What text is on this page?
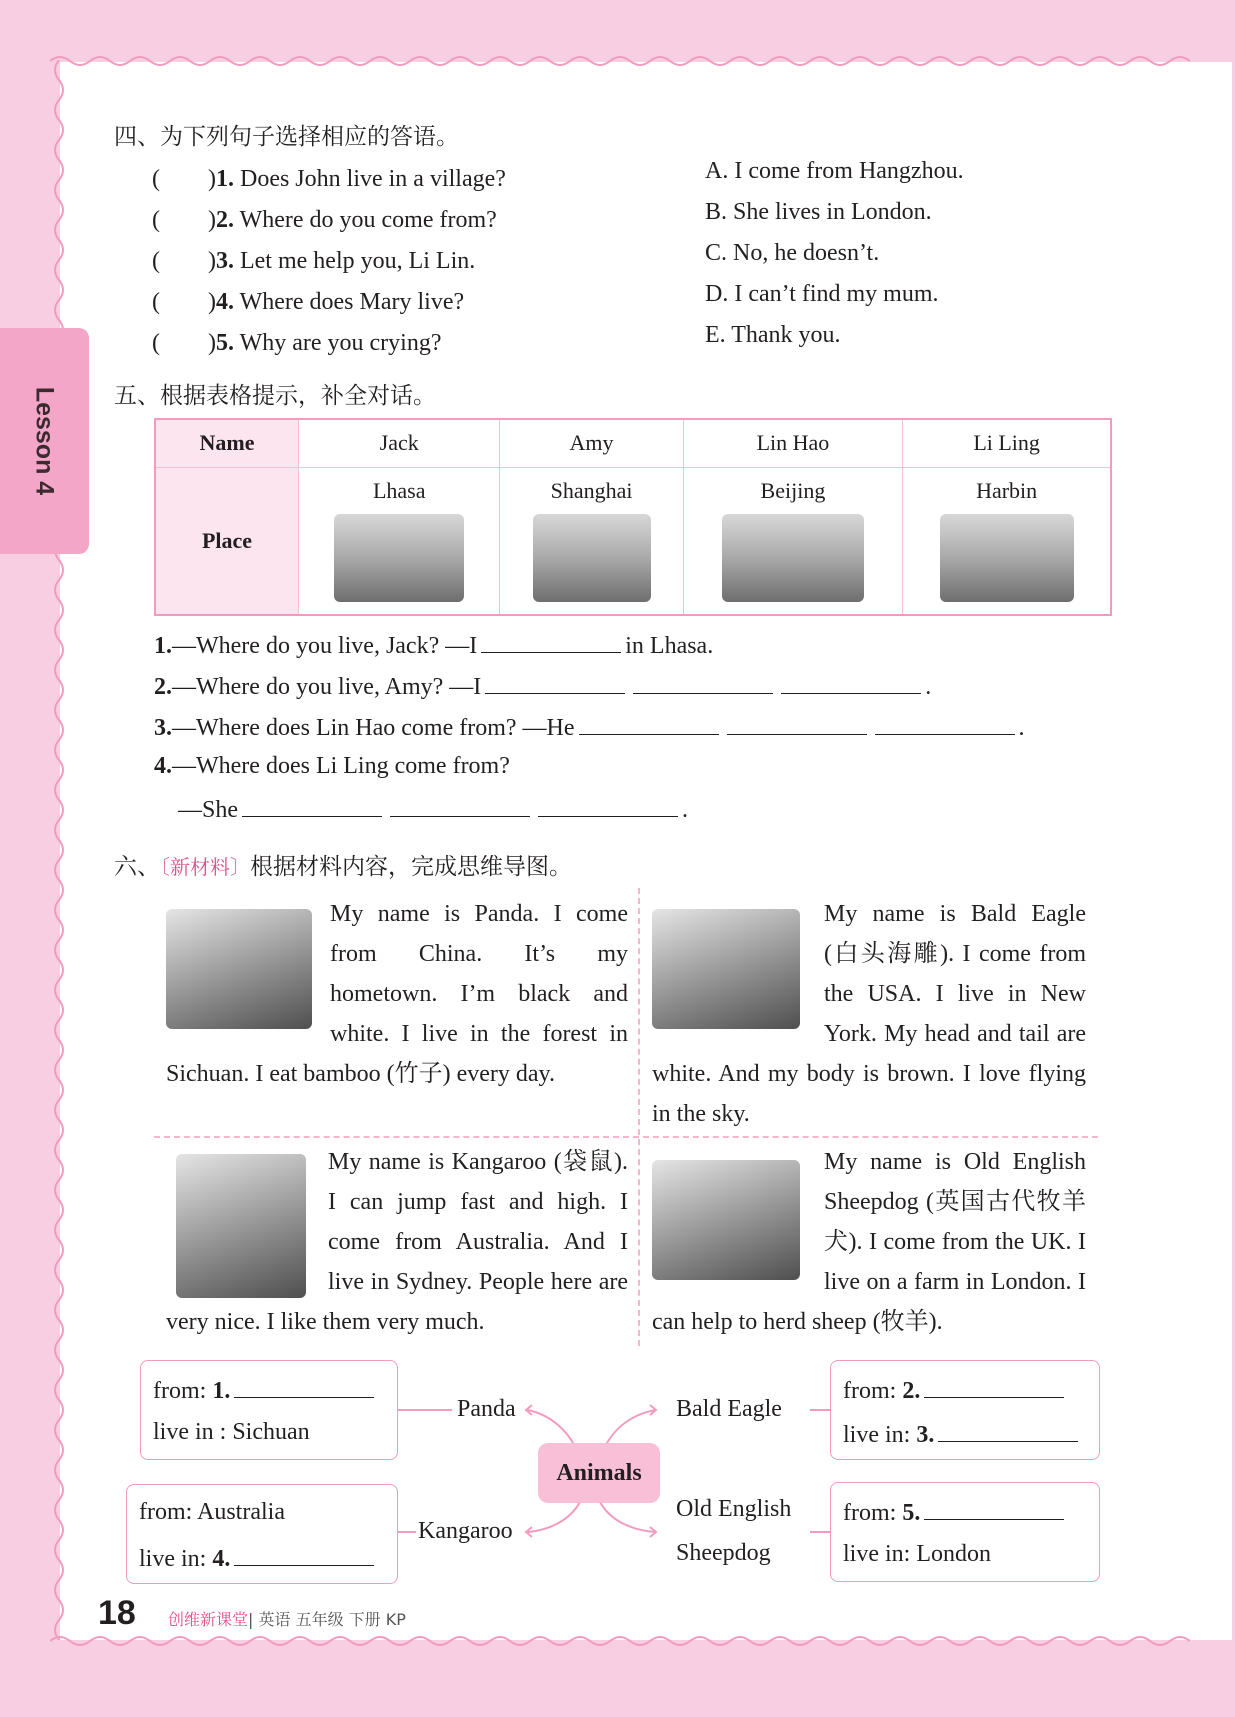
Lesson 4
四、为下列句子选择相应的答语。
(　　)1. Does John live in a village?	A. I come from Hangzhou.
(　　)2. Where do you come from?	B. She lives in London.
(　　)3. Let me help you, Li Lin.	C. No, he doesn’t.
(　　)4. Where does Mary live?	D. I can’t find my mum.
(　　)5. Why are you crying?	E. Thank you.
五、根据表格提示，补全对话。
Name	Jack	Amy	Lin Hao	Li Ling
Place	Lhasa	Shanghai	Beijing	Harbin
1.—Where do you live, Jack? —I	in Lhasa.
2.—Where do you live, Amy? —I	.
3.—Where does Lin Hao come from? —He	.
4.—Where does Li Ling come from?
—She	.
六、〔新材料〕根据材料内容，完成思维导图。
My name is Panda. I come from China. It’s my hometown. I’m black and white. I live in the forest in Sichuan. I eat bamboo (竹子) every day.
My name is Bald Eagle (白头海雕). I come from the USA. I live in New York. My head and tail are white. And my body is brown. I love flying in the sky.
My name is Kangaroo (袋鼠). I can jump fast and high. I come from Australia. And I live in Sydney. People here are very nice. I like them very much.
My name is Old English Sheepdog (英国古代牧羊犬). I come from the UK. I live on a farm in London. I can help to herd sheep (牧羊).
Animals
from: 1.
live in : Sichuan
Panda
from: 2.
live in: 3.
Bald Eagle
from: Australia
live in: 4.
Kangaroo
from: 5.
live in: London
Old English
Sheepdog
18 创维新课堂| 英语 五年级 下册 KP
